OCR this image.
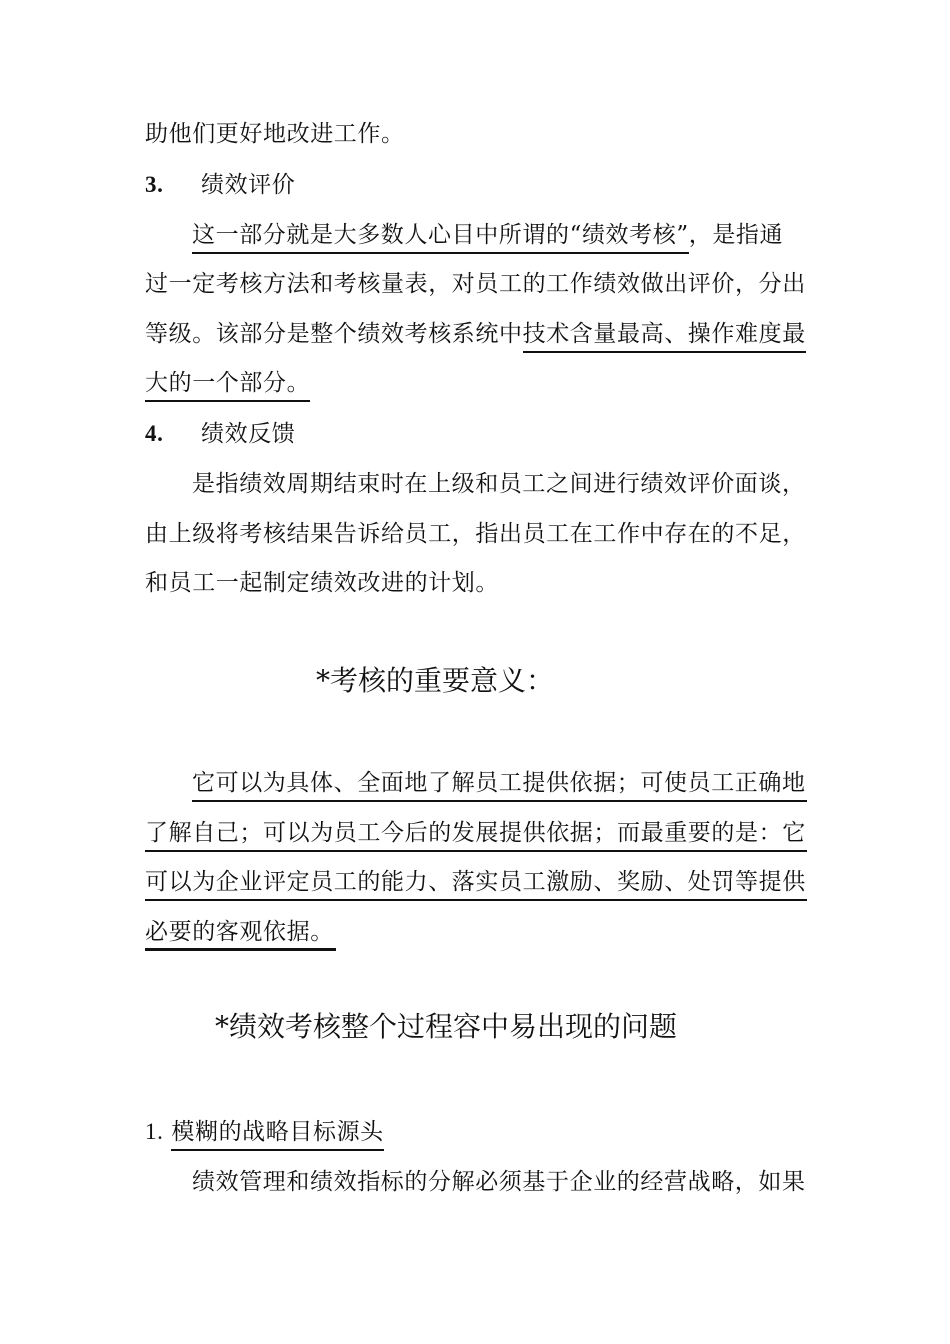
助他们更好地改进工作。
3. 绩效评价
这一部分就是大多数人心目中所谓的“绩效考核”，是指通
过一定考核方法和考核量表，对员工的工作绩效做出评价，分出
等级。该部分是整个绩效考核系统中技术含量最高、操作难度最
大的一个部分。
4. 绩效反馈
是指绩效周期结束时在上级和员工之间进行绩效评价面谈，
由上级将考核结果告诉给员工，指出员工在工作中存在的不足，
和员工一起制定绩效改进的计划。
*考核的重要意义：
它可以为具体、全面地了解员工提供依据；可使员工正确地
了解自己；可以为员工今后的发展提供依据；而最重要的是：它
可以为企业评定员工的能力、落实员工激励、奖励、处罚等提供
必要的客观依据。
*绩效考核整个过程容中易出现的问题
1. 模糊的战略目标源头
绩效管理和绩效指标的分解必须基于企业的经营战略，如果
